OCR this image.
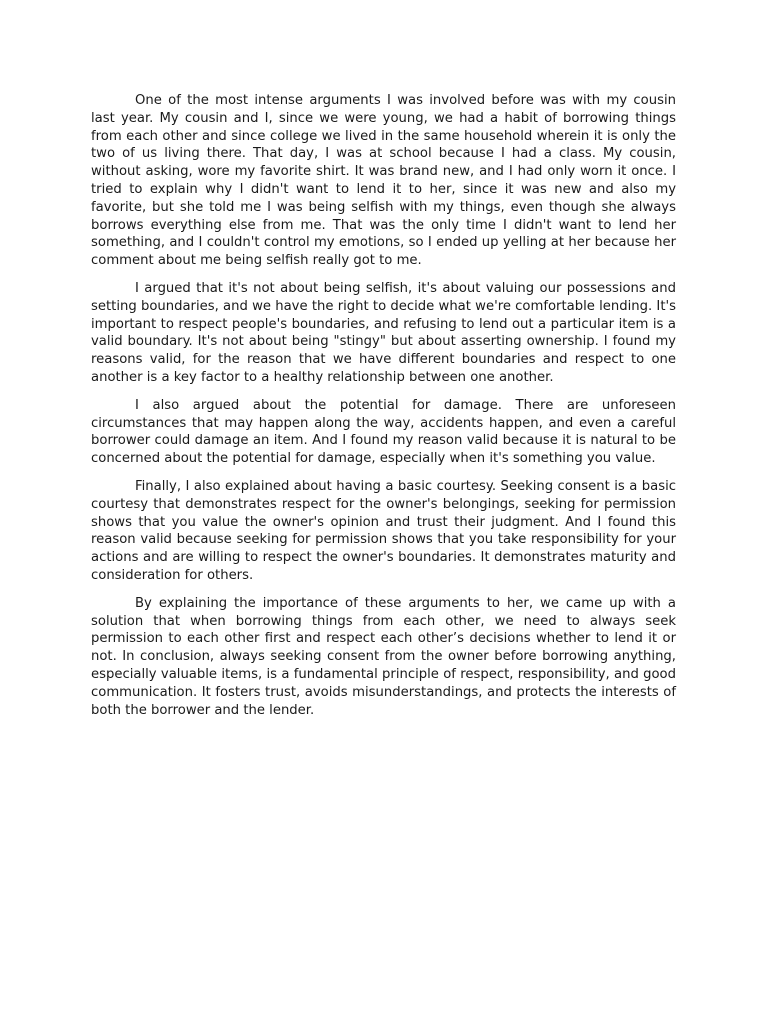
One of the most intense arguments I was involved before was with my cousin last year. My cousin and I, since we were young, we had a habit of borrowing things from each other and since college we lived in the same household wherein it is only the two of us living there. That day, I was at school because I had a class. My cousin, without asking, wore my favorite shirt. It was brand new, and I had only worn it once. I tried to explain why I didn't want to lend it to her, since it was new and also my favorite, but she told me I was being selfish with my things, even though she always borrows everything else from me. That was the only time I didn't want to lend her something, and I couldn't control my emotions, so I ended up yelling at her because her comment about me being selfish really got to me.

I argued that it's not about being selfish, it's about valuing our possessions and setting boundaries, and we have the right to decide what we're comfortable lending. It's important to respect people's boundaries, and refusing to lend out a particular item is a valid boundary. It's not about being "stingy" but about asserting ownership. I found my reasons valid, for the reason that we have different boundaries and respect to one another is a key factor to a healthy relationship between one another.

I also argued about the potential for damage. There are unforeseen circumstances that may happen along the way, accidents happen, and even a careful borrower could damage an item. And I found my reason valid because it is natural to be concerned about the potential for damage, especially when it's something you value.

Finally, I also explained about having a basic courtesy. Seeking consent is a basic courtesy that demonstrates respect for the owner's belongings, seeking for permission shows that you value the owner's opinion and trust their judgment. And I found this reason valid because seeking for permission shows that you take responsibility for your actions and are willing to respect the owner's boundaries. It demonstrates maturity and consideration for others.

By explaining the importance of these arguments to her, we came up with a solution that when borrowing things from each other, we need to always seek permission to each other first and respect each other’s decisions whether to lend it or not. In conclusion, always seeking consent from the owner before borrowing anything, especially valuable items, is a fundamental principle of respect, responsibility, and good communication. It fosters trust, avoids misunderstandings, and protects the interests of both the borrower and the lender.
